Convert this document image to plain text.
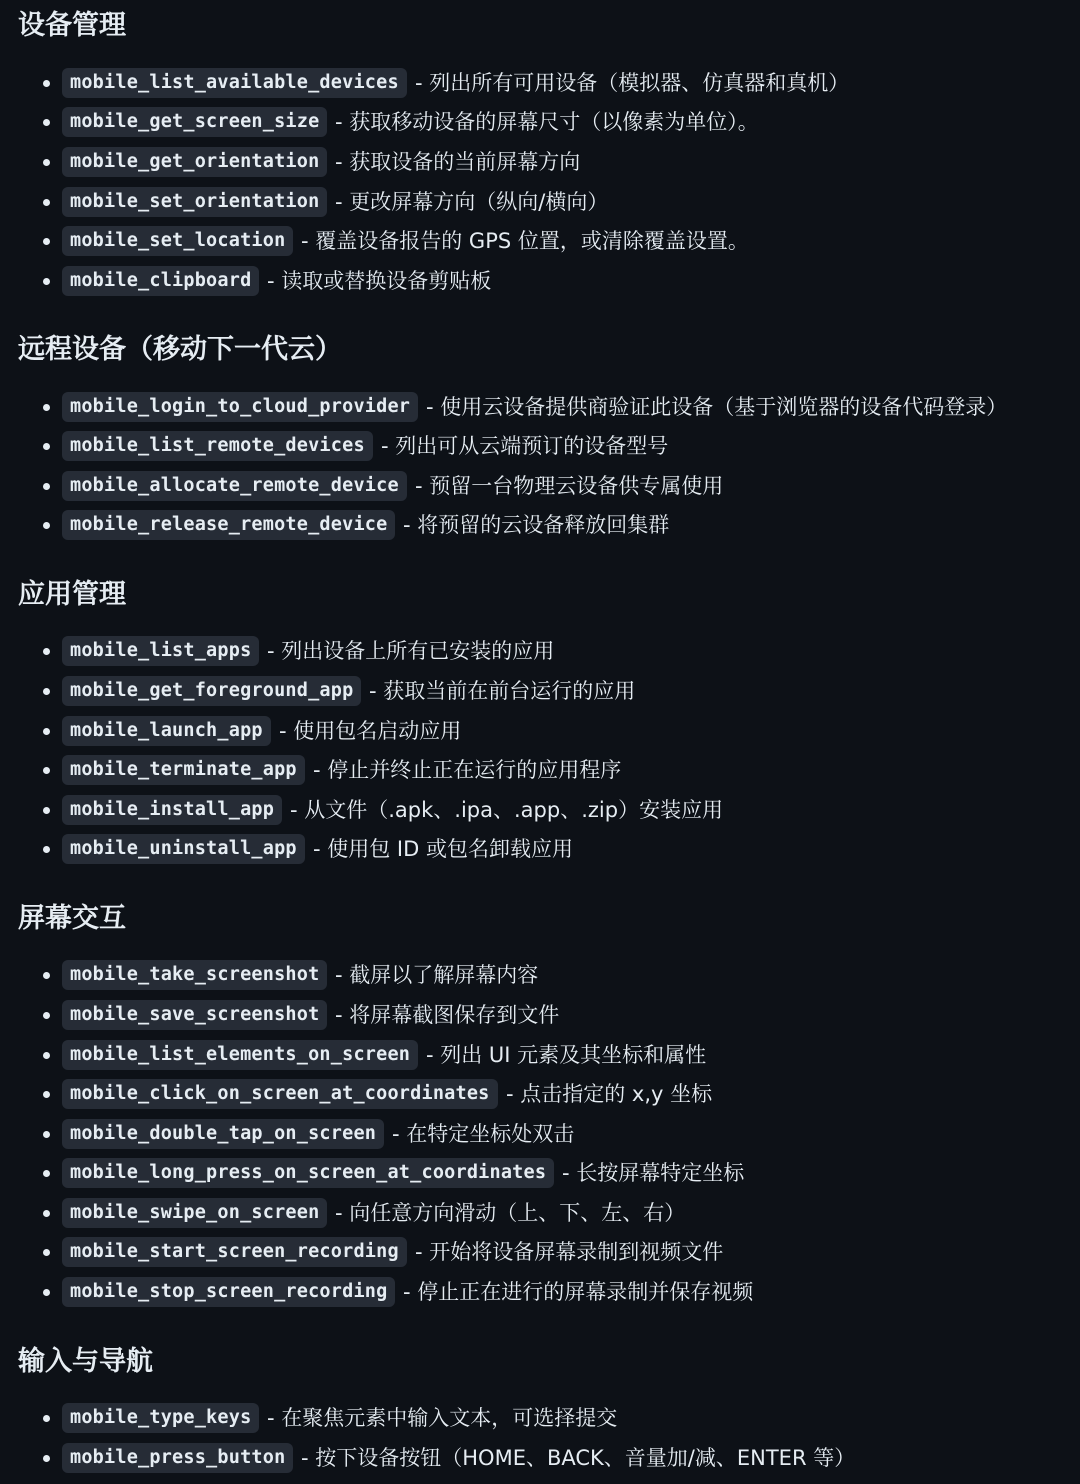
设备管理
mobile_list_available_devices - 列出所有可用设备（模拟器、仿真器和真机）
mobile_get_screen_size - 获取移动设备的屏幕尺寸（以像素为单位）。
mobile_get_orientation - 获取设备的当前屏幕方向
mobile_set_orientation - 更改屏幕方向（纵向/横向）
mobile_set_location - 覆盖设备报告的 GPS 位置，或清除覆盖设置。
mobile_clipboard - 读取或替换设备剪贴板
远程设备（移动下一代云）
mobile_login_to_cloud_provider - 使用云设备提供商验证此设备（基于浏览器的设备代码登录）
mobile_list_remote_devices - 列出可从云端预订的设备型号
mobile_allocate_remote_device - 预留一台物理云设备供专属使用
mobile_release_remote_device - 将预留的云设备释放回集群
应用管理
mobile_list_apps - 列出设备上所有已安装的应用
mobile_get_foreground_app - 获取当前在前台运行的应用
mobile_launch_app - 使用包名启动应用
mobile_terminate_app - 停止并终止正在运行的应用程序
mobile_install_app - 从文件（.apk、.ipa、.app、.zip）安装应用
mobile_uninstall_app - 使用包 ID 或包名卸载应用
屏幕交互
mobile_take_screenshot - 截屏以了解屏幕内容
mobile_save_screenshot - 将屏幕截图保存到文件
mobile_list_elements_on_screen - 列出 UI 元素及其坐标和属性
mobile_click_on_screen_at_coordinates - 点击指定的 x,y 坐标
mobile_double_tap_on_screen - 在特定坐标处双击
mobile_long_press_on_screen_at_coordinates - 长按屏幕特定坐标
mobile_swipe_on_screen - 向任意方向滑动（上、下、左、右）
mobile_start_screen_recording - 开始将设备屏幕录制到视频文件
mobile_stop_screen_recording - 停止正在进行的屏幕录制并保存视频
输入与导航
mobile_type_keys - 在聚焦元素中输入文本，可选择提交
mobile_press_button - 按下设备按钮（HOME、BACK、音量加/减、ENTER 等）
